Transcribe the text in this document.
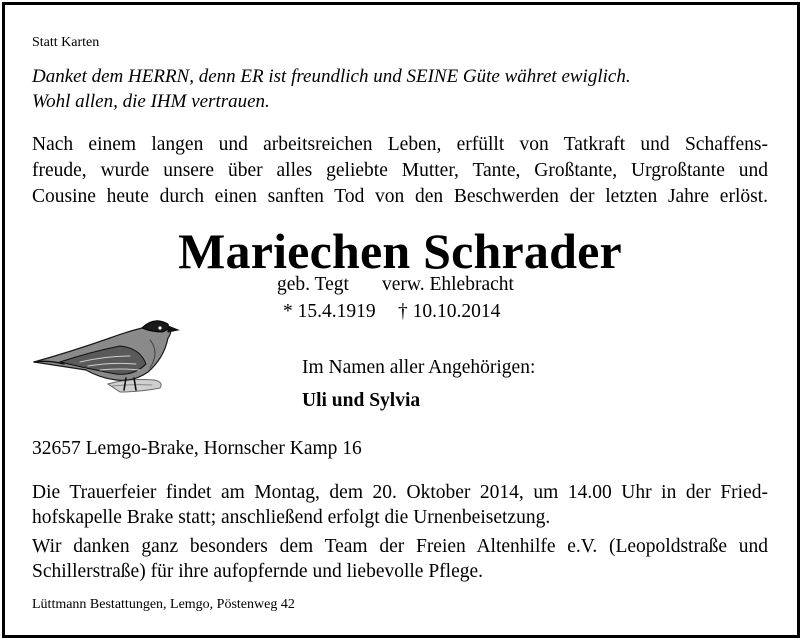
Statt Karten
Danket dem HERRN, denn ER ist freundlich und SEINE Güte währet ewiglich.
Wohl allen, die IHM vertrauen.
Nach einem langen und arbeitsreichen Leben, erfüllt von Tatkraft und Schaffens-
freude, wurde unsere über alles geliebte Mutter, Tante, Großtante, Urgroßtante und
Cousine heute durch einen sanften Tod von den Beschwerden der letzten Jahre erlöst.
Mariechen Schrader
geb. Tegt verw. Ehlebracht
* 15.4.1919 † 10.10.2014
Im Namen aller Angehörigen:
Uli und Sylvia
32657 Lemgo-Brake, Hornscher Kamp 16
Die Trauerfeier findet am Montag, dem 20. Oktober 2014, um 14.00 Uhr in der Fried-
hofskapelle Brake statt; anschließend erfolgt die Urnenbeisetzung.
Wir danken ganz besonders dem Team der Freien Altenhilfe e.V. (Leopoldstraße und
Schillerstraße) für ihre aufopfernde und liebevolle Pflege.
Lüttmann Bestattungen, Lemgo, Pöstenweg 42
